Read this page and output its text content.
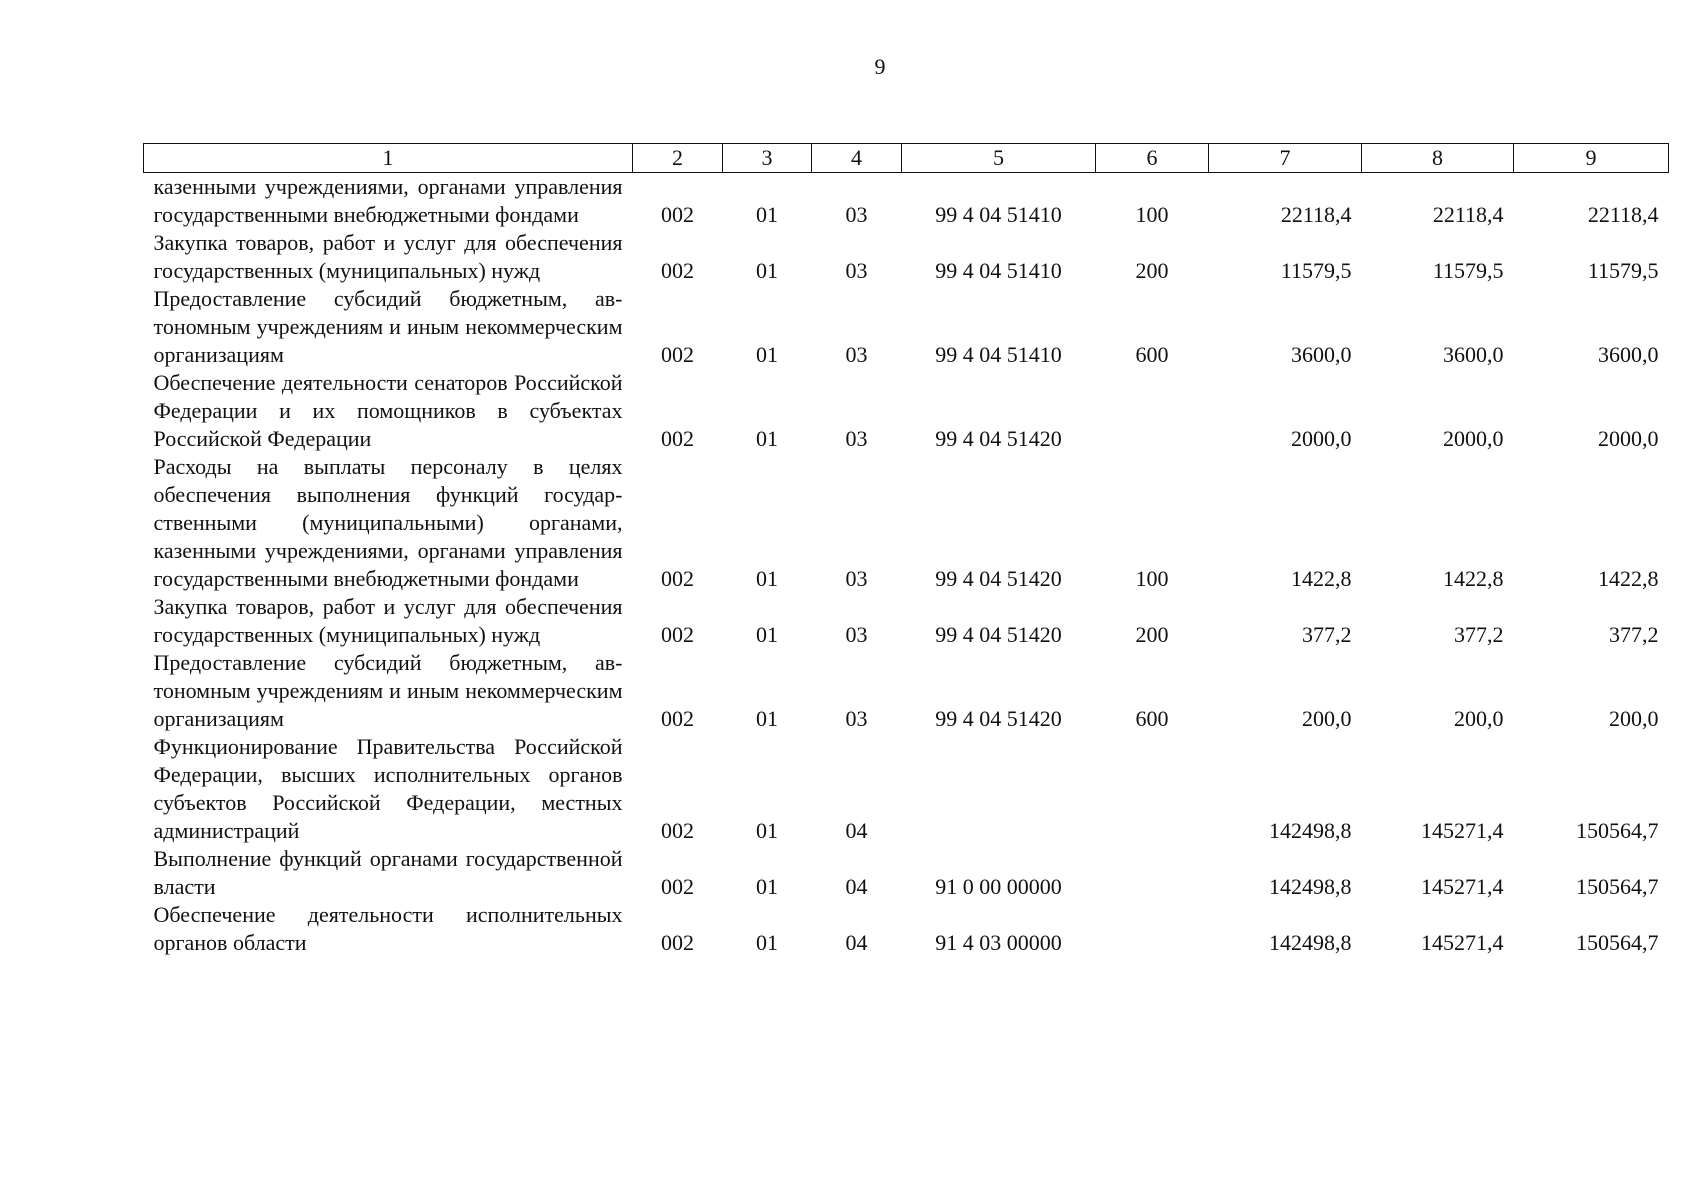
9
1	2	3	4	5	6	7	8	9
казенными учреждениями, органами управления государственными внебюджетными фондами	002	01	03	99 4 04 51410	100	22118,4	22118,4	22118,4
Закупка товаров, работ и услуг для обеспечения государственных (муниципальных) нужд	002	01	03	99 4 04 51410	200	11579,5	11579,5	11579,5
Предоставление субсидий бюджетным, автономным учреждениям и иным некоммерческим организациям	002	01	03	99 4 04 51410	600	3600,0	3600,0	3600,0
Обеспечение деятельности сенаторов Российской Федерации и их помощников в субъектах Российской Федерации	002	01	03	99 4 04 51420		2000,0	2000,0	2000,0
Расходы на выплаты персоналу в целях обеспечения выполнения функций государственными (муниципальными) органами, казенными учреждениями, органами управления государственными внебюджетными фондами	002	01	03	99 4 04 51420	100	1422,8	1422,8	1422,8
Закупка товаров, работ и услуг для обеспечения государственных (муниципальных) нужд	002	01	03	99 4 04 51420	200	377,2	377,2	377,2
Предоставление субсидий бюджетным, автономным учреждениям и иным некоммерческим организациям	002	01	03	99 4 04 51420	600	200,0	200,0	200,0
Функционирование Правительства Российской Федерации, высших исполнительных органов субъектов Российской Федерации, местных администраций	002	01	04			142498,8	145271,4	150564,7
Выполнение функций органами государственной власти	002	01	04	91 0 00 00000		142498,8	145271,4	150564,7
Обеспечение деятельности исполнительных органов области	002	01	04	91 4 03 00000		142498,8	145271,4	150564,7
